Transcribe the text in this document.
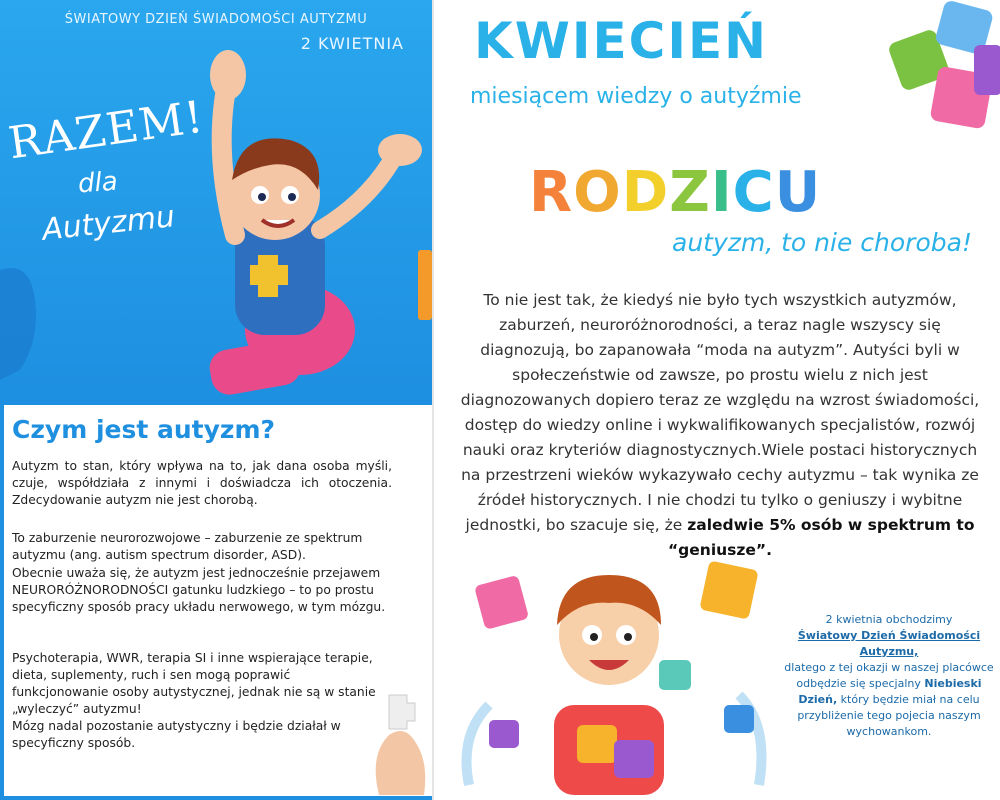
ŚWIATOWY DZIEŃ ŚWIADOMOŚCI AUTYZMU
2 KWIETNIA
RAZEM!
dla
Autyzmu
Czym jest autyzm?
Autyzm to stan, który wpływa na to, jak dana osoba myśli, czuje, współdziała z innymi i doświadcza ich otoczenia. Zdecydowanie autyzm nie jest chorobą.
To zaburzenie neurorozwojowe – zaburzenie ze spektrum autyzmu (ang. autism spectrum disorder, ASD).
Obecnie uważa się, że autyzm jest jednocześnie przejawem NEURORÓŻNORODNOŚCI gatunku ludzkiego – to po prostu specyficzny sposób pracy układu nerwowego, w tym mózgu.
Psychoterapia, WWR, terapia SI i inne wspierające terapie, dieta, suplementy, ruch i sen mogą poprawić funkcjonowanie osoby autystycznej, jednak nie są w stanie „wyleczyć” autyzmu!
Mózg nadal pozostanie autystyczny i będzie działał w specyficzny sposób.
KWIECIEŃ
miesiącem wiedzy o autyźmie
RODZICU
autyzm, to nie choroba!
To nie jest tak, że kiedyś nie było tych wszystkich autyzmów, zaburzeń, neuroróżnorodności, a teraz nagle wszyscy się diagnozują, bo zapanowała “moda na autyzm”. Autyści byli w społeczeństwie od zawsze, po prostu wielu z nich jest diagnozowanych dopiero teraz ze względu na wzrost świadomości, dostęp do wiedzy online i wykwalifikowanych specjalistów, rozwój nauki oraz kryteriów diagnostycznych.Wiele postaci historycznych na przestrzeni wieków wykazywało cechy autyzmu – tak wynika ze źródeł historycznych. I nie chodzi tu tylko o geniuszy i wybitne jednostki, bo szacuje się, że zaledwie 5% osób w spektrum to “geniusze”.
2 kwietnia obchodzimy
Światowy Dzień Świadomości Autyzmu,
dlatego z tej okazji w naszej placówce odbędzie się specjalny Niebieski Dzień, który będzie miał na celu przybliżenie tego pojecia naszym wychowankom.
